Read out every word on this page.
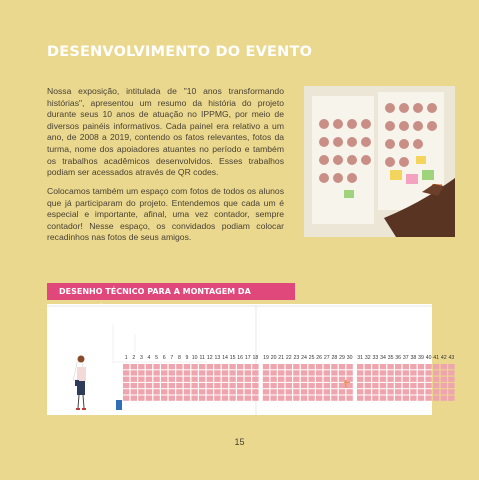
DESENVOLVIMENTO DO EVENTO

Nossa exposição, intitulada de "10 anos transformando histórias", apresentou um resumo da história do projeto durante seus 10 anos de atuação no IPPMG, por meio de diversos painéis informativos. Cada painel era relativo a um ano, de 2008 a 2019, contendo os fatos relevantes, fotos da turma, nome dos apoiadores atuantes no período e também os trabalhos acadêmicos desenvolvidos. Esses trabalhos podiam ser acessados através de QR codes.

Colocamos também um espaço com fotos de todos os alunos que já participaram do projeto. Entendemos que cada um é especial e importante, afinal, uma vez contador, sempre contador! Nesse espaço, os convidados podiam colocar recadinhos nas fotos de seus amigos.

DESENHO TÉCNICO PARA A MONTAGEM DA
1 2 3 4 5 6 7 8 9 10 11 12 13 14 15 16 17 18 19 20 21 22 23 24 25 26 27 28 29 30 31 32 33 34 35 36 37 38 39 40 41 42 43
15
